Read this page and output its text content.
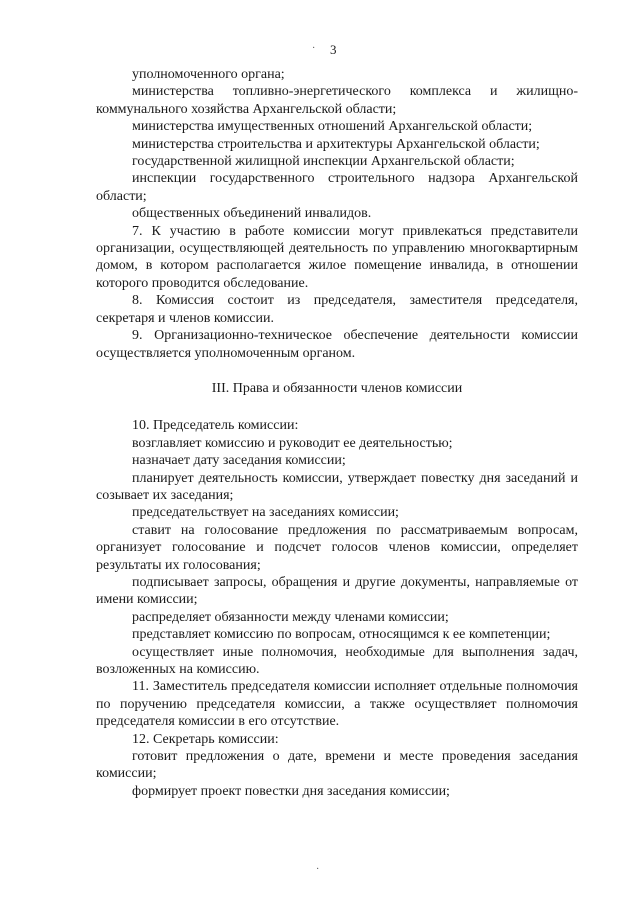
3

уполномоченного органа;

министерства топливно-энергетического комплекса и жилищно-коммунального хозяйства Архангельской области;

министерства имущественных отношений Архангельской области;

министерства строительства и архитектуры Архангельской области;

государственной жилищной инспекции Архангельской области;

инспекции государственного строительного надзора Архангельской области;

общественных объединений инвалидов.

7. К участию в работе комиссии могут привлекаться представители организации, осуществляющей деятельность по управлению многоквартирным домом, в котором располагается жилое помещение инвалида, в отношении которого проводится обследование.

8. Комиссия состоит из председателя, заместителя председателя, секретаря и членов комиссии.

9. Организационно-техническое обеспечение деятельности комиссии осуществляется уполномоченным органом.

III. Права и обязанности членов комиссии

10. Председатель комиссии:

возглавляет комиссию и руководит ее деятельностью;

назначает дату заседания комиссии;

планирует деятельность комиссии, утверждает повестку дня заседаний и созывает их заседания;

председательствует на заседаниях комиссии;

ставит на голосование предложения по рассматриваемым вопросам, организует голосование и подсчет голосов членов комиссии, определяет результаты их голосования;

подписывает запросы, обращения и другие документы, направляемые от имени комиссии;

распределяет обязанности между членами комиссии;

представляет комиссию по вопросам, относящимся к ее компетенции;

осуществляет иные полномочия, необходимые для выполнения задач, возложенных на комиссию.

11. Заместитель председателя комиссии исполняет отдельные полномочия по поручению председателя комиссии, а также осуществляет полномочия председателя комиссии в его отсутствие.

12. Секретарь комиссии:

готовит предложения о дате, времени и месте проведения заседания комиссии;

формирует проект повестки дня заседания комиссии;

·
·
